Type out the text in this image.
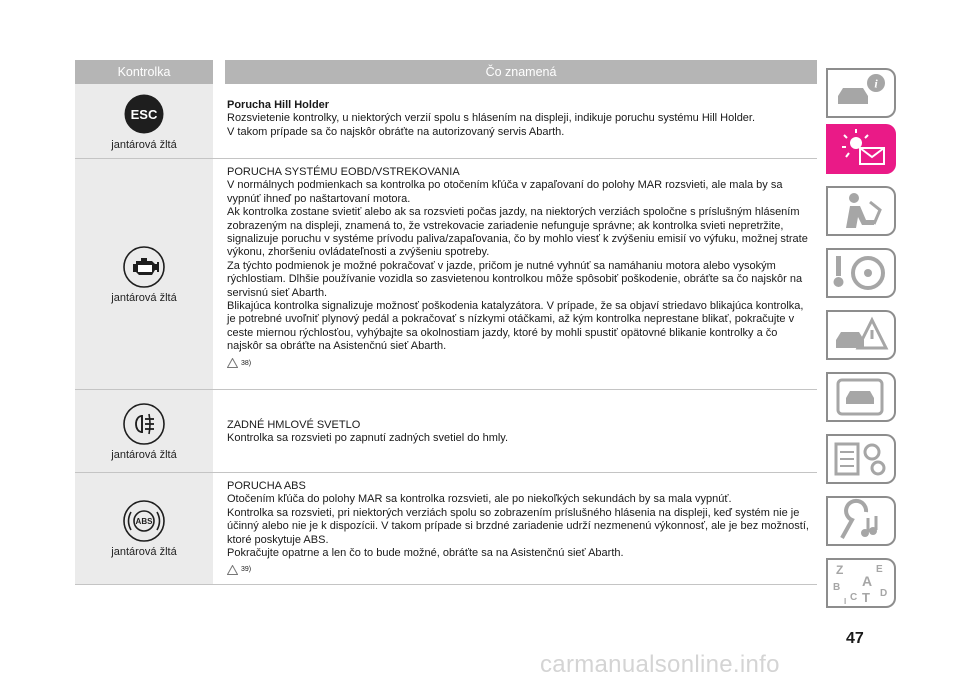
Kontrolka	Čo znamená
ESC
jantárová žltá
Porucha Hill Holder
Rozsvietenie kontrolky, u niektorých verzií spolu s hlásením na displeji, indikuje poruchu systému Hill Holder.
V takom prípade sa čo najskôr obráťte na autorizovaný servis Abarth.
jantárová žltá
PORUCHA SYSTÉMU EOBD/VSTREKOVANIA
V normálnych podmienkach sa kontrolka po otočením kľúča v zapaľovaní do polohy MAR rozsvieti, ale mala by sa vypnúť ihneď po naštartovaní motora.
Ak kontrolka zostane svietiť alebo ak sa rozsvieti počas jazdy, na niektorých verziách spoločne s príslušným hlásením zobrazeným na displeji, znamená to, že vstrekovacie zariadenie nefunguje správne; ak kontrolka svieti nepretržite, signalizuje poruchu v systéme prívodu paliva/zapaľovania, čo by mohlo viesť k zvýšeniu emisií vo výfuku, možnej strate výkonu, zhoršeniu ovládateľnosti a zvýšeniu spotreby.
Za týchto podmienok je možné pokračovať v jazde, pričom je nutné vyhnúť sa namáhaniu motora alebo vysokým rýchlostiam. Dlhšie používanie vozidla so zasvietenou kontrolkou môže spôsobiť poškodenie, obráťte sa čo najskôr na servisnú sieť Abarth.
Blikajúca kontrolka signalizuje možnosť poškodenia katalyzátora. V prípade, že sa objaví striedavo blikajúca kontrolka, je potrebné uvoľniť plynový pedál a pokračovať s nízkymi otáčkami, až kým kontrolka neprestane blikať, pokračujte v ceste miernou rýchlosťou, vyhýbajte sa okolnostiam jazdy, ktoré by mohli spustiť opätovné blikanie kontrolky a čo najskôr sa obráťte na Asistenčnú sieť Abarth.
38)
jantárová žltá
ZADNÉ HMLOVÉ SVETLO
Kontrolka sa rozsvieti po zapnutí zadných svetiel do hmly.
ABS
jantárová žltá
PORUCHA ABS
Otočením kľúča do polohy MAR sa kontrolka rozsvieti, ale po niekoľkých sekundách by sa mala vypnúť.
Kontrolka sa rozsvieti, pri niektorých verziách spolu so zobrazením príslušného hlásenia na displeji, keď systém nie je účinný alebo nie je k dispozícii. V takom prípade si brzdné zariadenie udrží nezmenenú výkonnosť, ale je bez možností, ktoré poskytuje ABS.
Pokračujte opatrne a len čo to bude možné, obráťte sa na Asistenčnú sieť Abarth.
39)
i
Z	E
A
B
C T D
I
47
carmanualsonline.info
